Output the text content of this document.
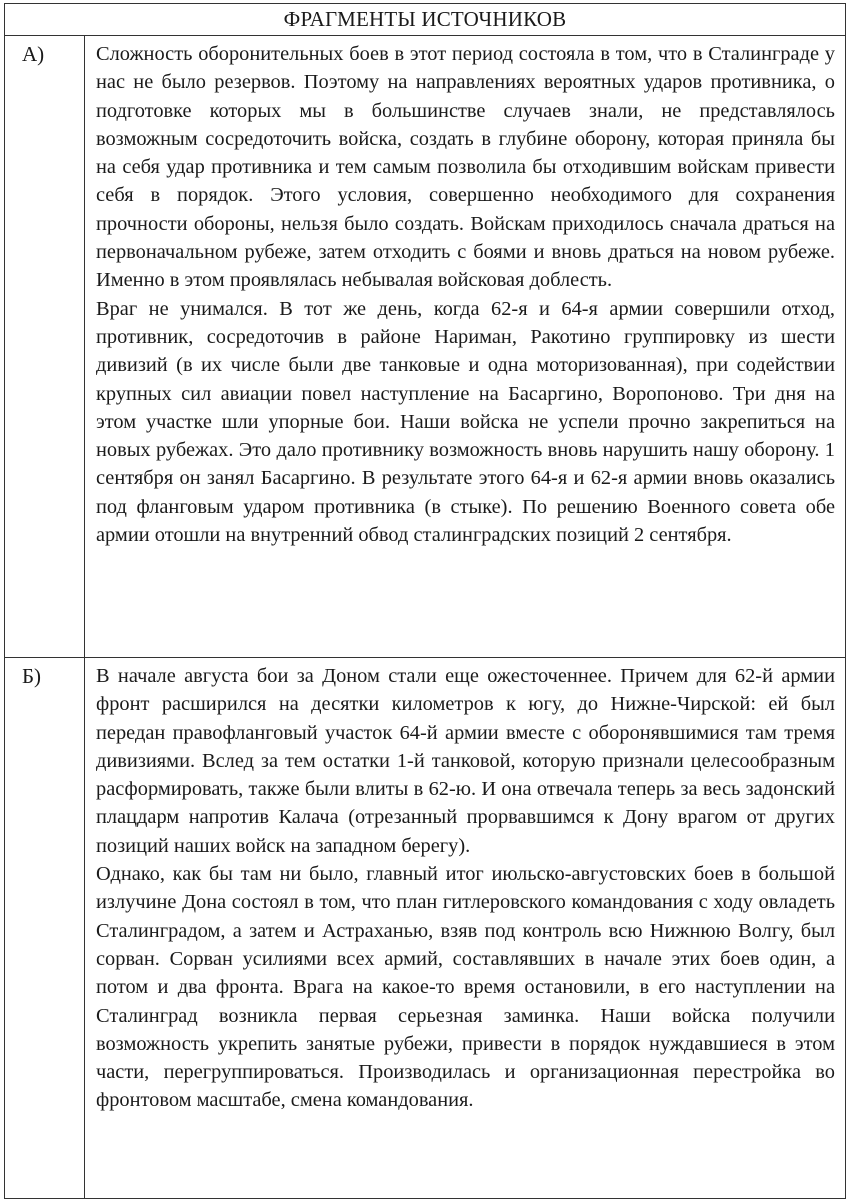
ФРАГМЕНТЫ ИСТОЧНИКОВ
А)	Сложность оборонительных боев в этот период состояла в том, что в Сталинграде у нас не было резервов. Поэтому на направлениях вероятных ударов противника, о подготовке которых мы в большинстве случаев знали, не представлялось возможным сосредоточить войска, создать в глубине оборону, которая приняла бы на себя удар противника и тем самым позволила бы отходившим войскам привести себя в порядок. Этого условия, совершенно необходимого для сохранения прочности обороны, нельзя было создать. Войскам приходилось сначала драться на первоначальном рубеже, затем отходить с боями и вновь драться на новом рубеже. Именно в этом проявлялась небывалая войсковая доблесть.

Враг не унимался. В тот же день, когда 62-я и 64-я армии совершили отход, противник, сосредоточив в районе Нариман, Ракотино группировку из шести дивизий (в их числе были две танковые и одна моторизованная), при содействии крупных сил авиации повел наступление на Басаргино, Воропоново. Три дня на этом участке шли упорные бои. Наши войска не успели прочно закрепиться на новых рубежах. Это дало противнику возможность вновь нарушить нашу оборону. 1 сентября он занял Басаргино. В результате этого 64-я и 62-я армии вновь оказались под фланговым ударом противника (в стыке). По решению Военного совета обе армии отошли на внутренний обвод сталинградских позиций 2 сентября.

Б)	В начале августа бои за Доном стали еще ожесточеннее. Причем для 62-й армии фронт расширился на десятки километров к югу, до Нижне-Чирской: ей был передан правофланговый участок 64-й армии вместе с оборонявшимися там тремя дивизиями. Вслед за тем остатки 1-й танковой, которую признали целесообразным расформировать, также были влиты в 62-ю. И она отвечала теперь за весь задонский плацдарм напротив Калача (отрезанный прорвавшимся к Дону врагом от других позиций наших войск на западном берегу).

Однако, как бы там ни было, главный итог июльско-августовских боев в большой излучине Дона состоял в том, что план гитлеровского командования с ходу овладеть Сталинградом, а затем и Астраханью, взяв под контроль всю Нижнюю Волгу, был сорван. Сорван усилиями всех армий, составлявших в начале этих боев один, а потом и два фронта. Врага на какое-то время остановили, в его наступлении на Сталинград возникла первая серьезная заминка. Наши войска получили возможность укрепить занятые рубежи, привести в порядок нуждавшиеся в этом части, перегруппироваться. Производилась и организационная перестройка во фронтовом масштабе, смена командования.
